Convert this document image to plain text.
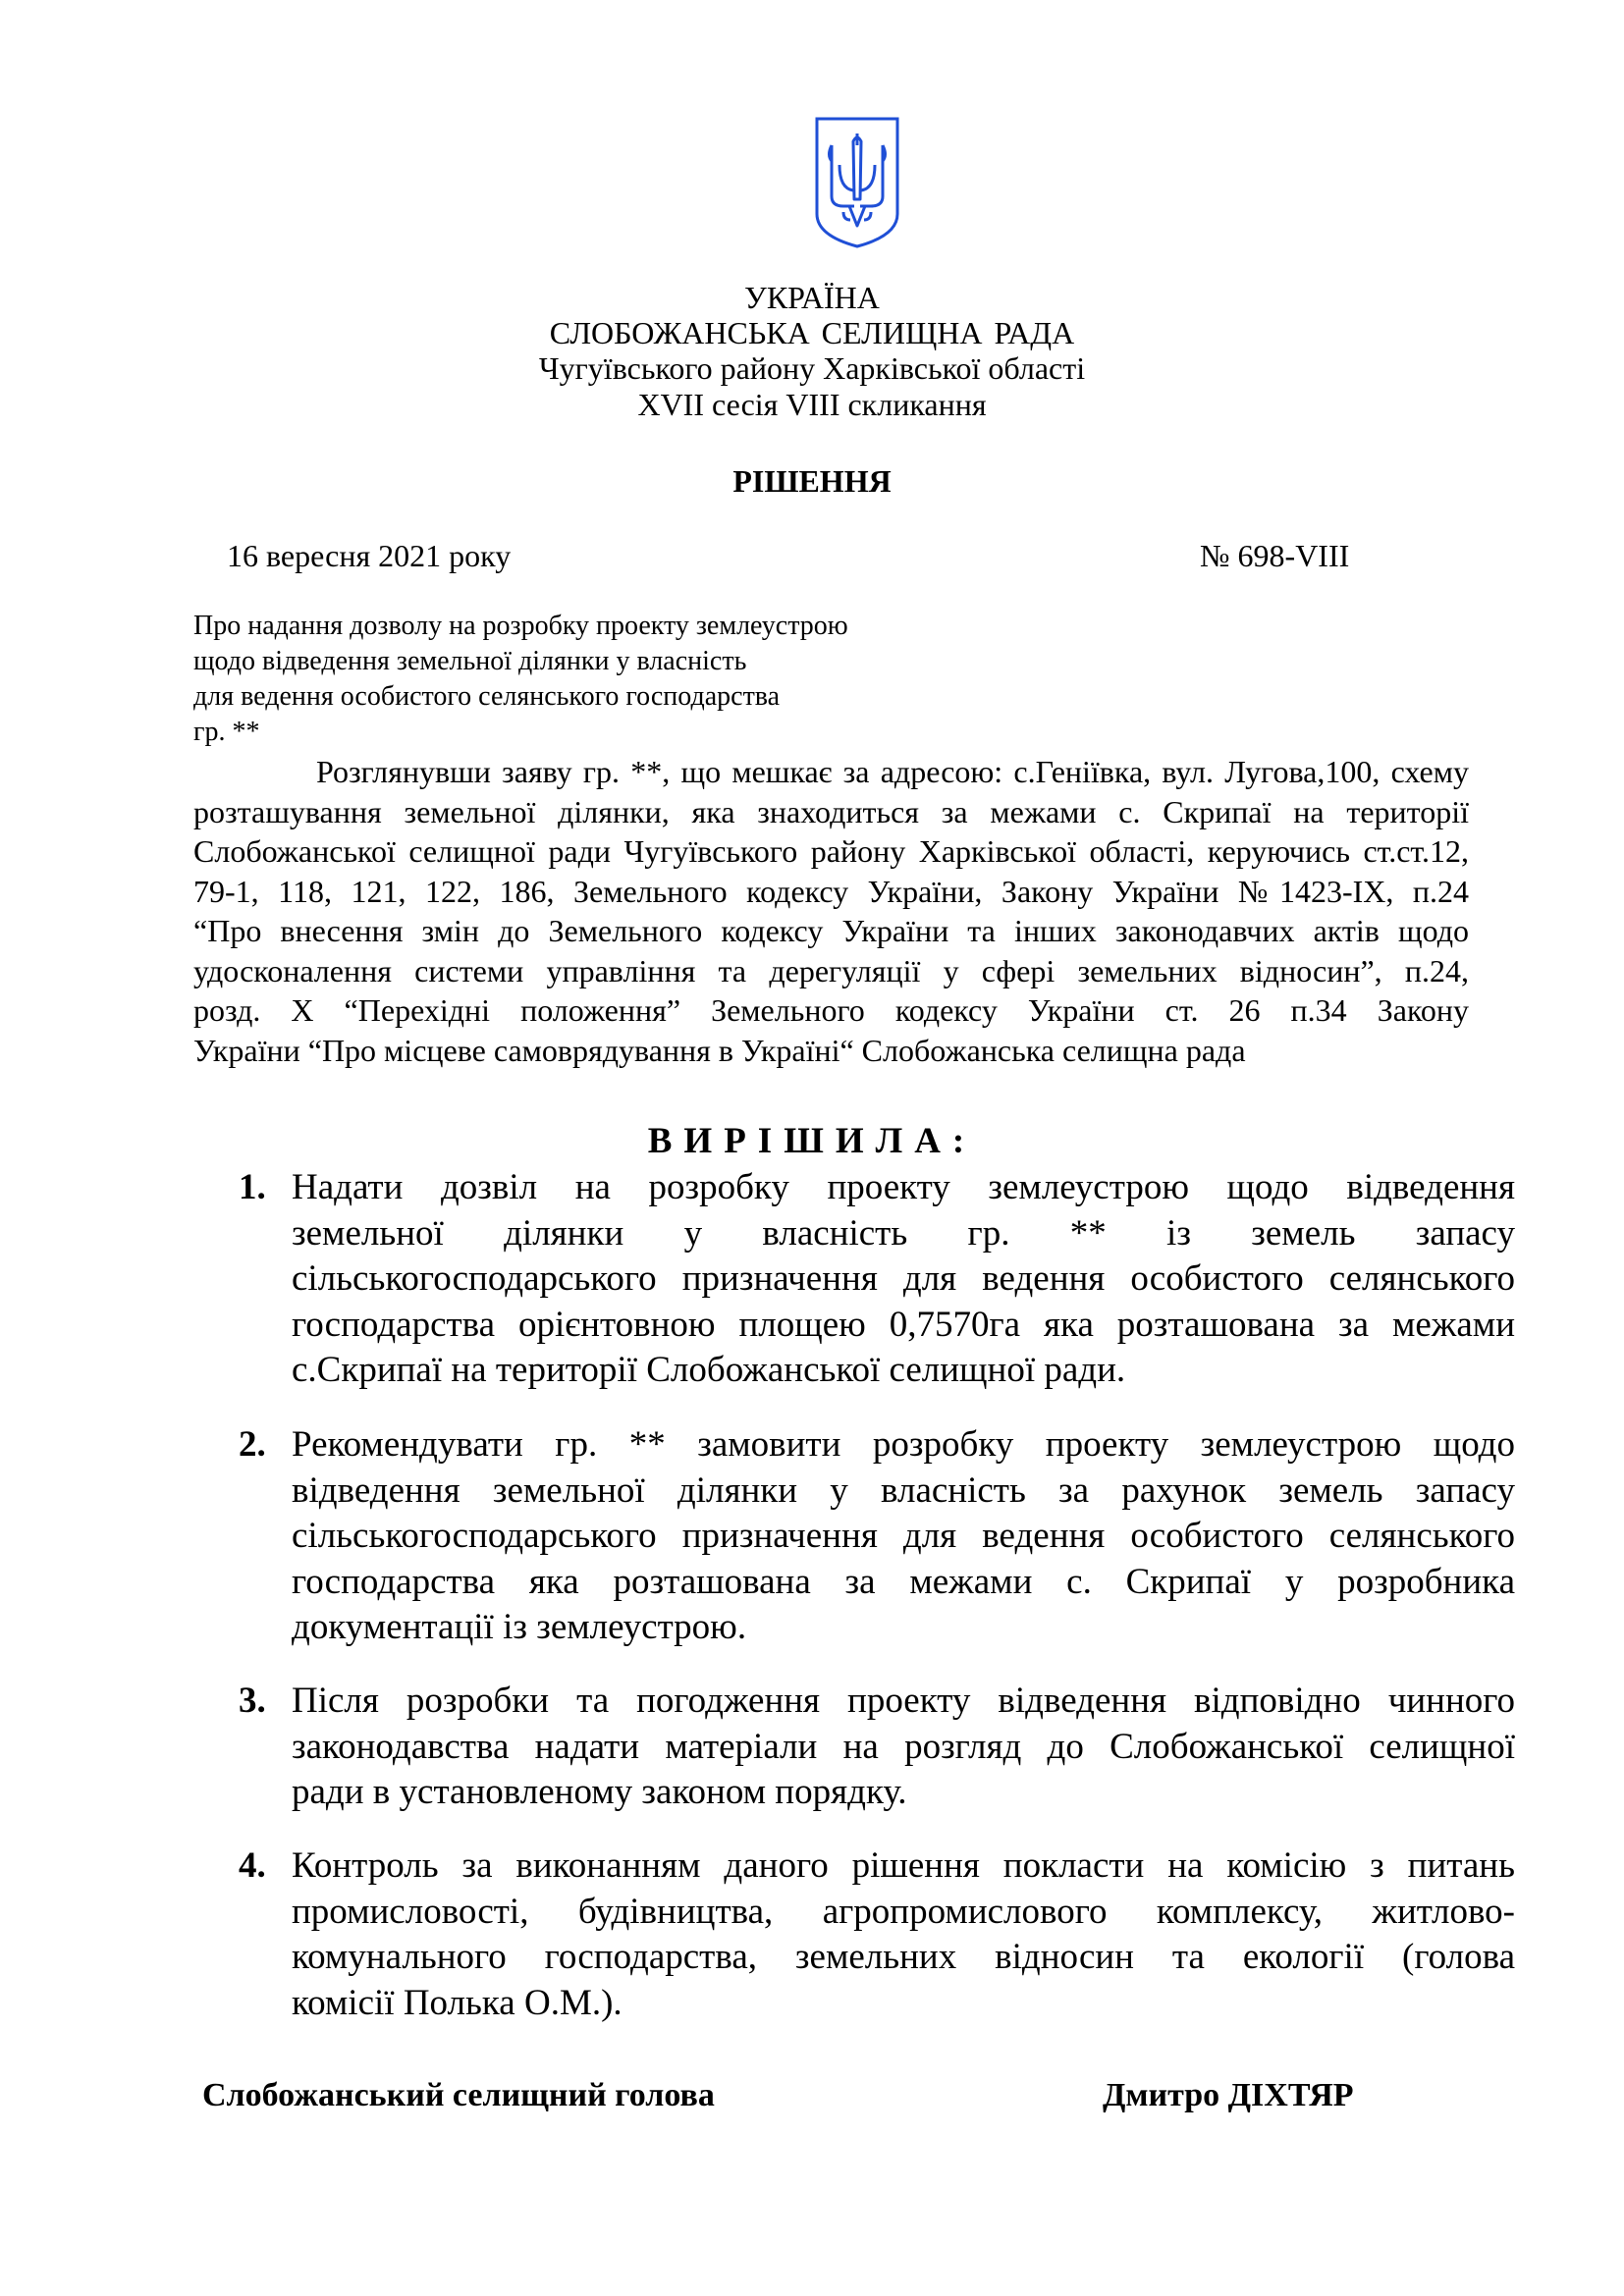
УКРАЇНА
СЛОБОЖАНСЬКА СЕЛИЩНА РАДА
Чугуївського району Харківської області
XVII сесія VIII скликання
РІШЕННЯ
16 вересня 2021 року	№ 698-VIII
Про надання дозволу на розробку проекту землеустрою
щодо відведення земельної ділянки у власність
для ведення особистого селянського господарства
гр. **
Розглянувши заяву гр. **, що мешкає за адресою: с.Геніївка, вул. Лугова,100, схему
розташування земельної ділянки, яка знаходиться за межами с. Скрипаї на території
Слобожанської селищної ради Чугуївського району Харківської області, керуючись ст.ст.12,
79-1, 118, 121, 122, 186, Земельного кодексу України, Закону України №1423-IX, п.24
“Про внесення змін до Земельного кодексу України та інших законодавчих актів щодо
удосконалення системи управління та дерегуляції у сфері земельних відносин”, п.24,
розд. X “Перехідні положення” Земельного кодексу України ст. 26 п.34 Закону
України “Про місцеве самоврядування в Україні“ Слобожанська селищна рада
ВИРІШИЛА:
1. Надати дозвіл на розробку проекту землеустрою щодо відведення
земельної ділянки у власність гр. ** із земель запасу
сільськогосподарського призначення для ведення особистого селянського
господарства орієнтовною площею 0,7570га яка розташована за межами
с.Скрипаї на території Слобожанської селищної ради.
2. Рекомендувати гр. ** замовити розробку проекту землеустрою щодо
відведення земельної ділянки у власність за рахунок земель запасу
сільськогосподарського призначення для ведення особистого селянського
господарства яка розташована за межами с. Скрипаї у розробника
документації із землеустрою.
3. Після розробки та погодження проекту відведення відповідно чинного
законодавства надати матеріали на розгляд до Слобожанської селищної
ради в установленому законом порядку.
4. Контроль за виконанням даного рішення покласти на комісію з питань
промисловості, будівництва, агропромислового комплексу, житлово-
комунального господарства, земельних відносин та екології (голова
комісії Полька О.М.).
Слобожанський селищний голова	Дмитро ДІХТЯР
